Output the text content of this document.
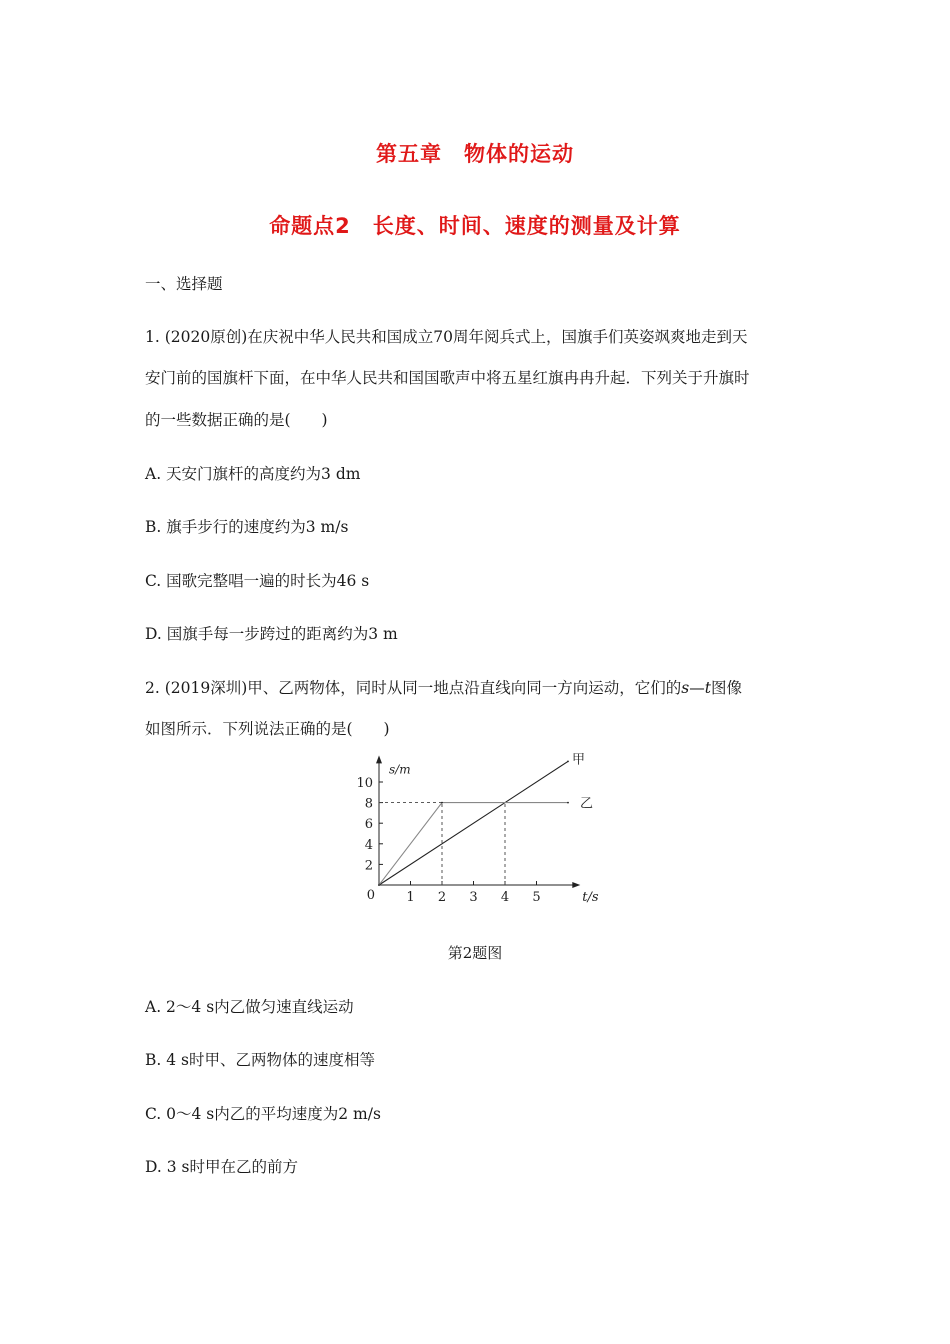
第五章　物体的运动
命题点2　长度、时间、速度的测量及计算
一、选择题
1. (2020原创)在庆祝中华人民共和国成立70周年阅兵式上，国旗手们英姿飒爽地走到天
安门前的国旗杆下面，在中华人民共和国国歌声中将五星红旗冉冉升起．下列关于升旗时
的一些数据正确的是(　　)
A. 天安门旗杆的高度约为3 dm
B. 旗手步行的速度约为3 m/s
C. 国歌完整唱一遍的时长为46 s
D. 国旗手每一步跨过的距离约为3 m
2. (2019深圳)甲、乙两物体，同时从同一地点沿直线向同一方向运动，它们的s—t图像
如图所示．下列说法正确的是(　　)
1 2 3 4 5
2
4
6
8
10
0
s/m
t/s
甲
乙
第2题图
A. 2～4 s内乙做匀速直线运动
B. 4 s时甲、乙两物体的速度相等
C. 0～4 s内乙的平均速度为2 m/s
D. 3 s时甲在乙的前方
